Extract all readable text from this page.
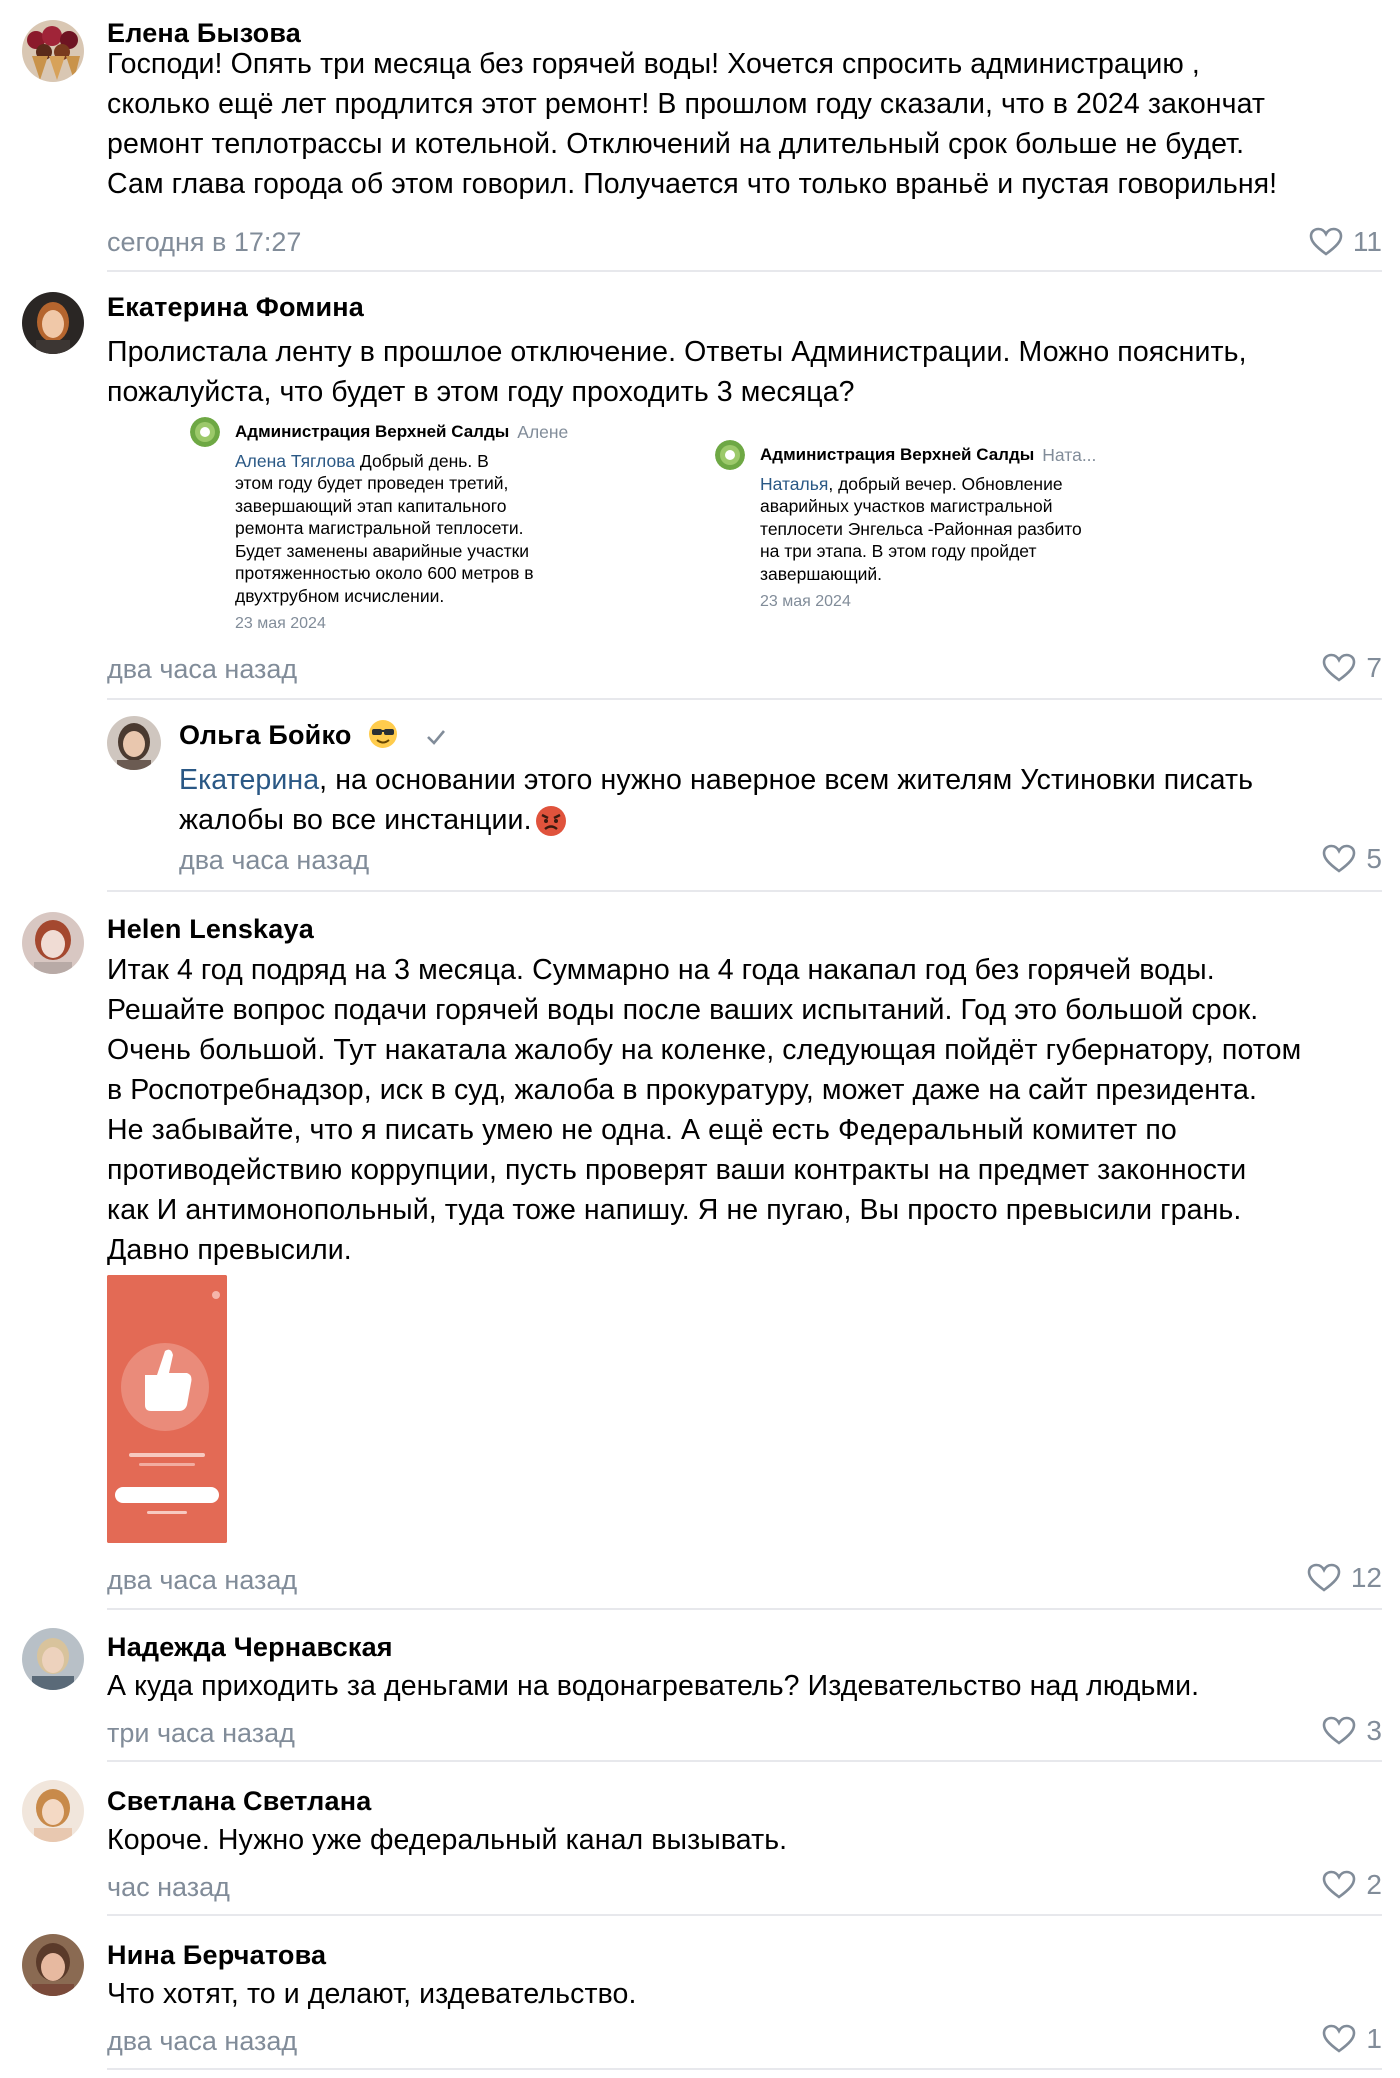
Елена Бызова
Господи! Опять три месяца без горячей воды! Хочется спросить администрацию ,
сколько ещё лет продлится этот ремонт! В прошлом году сказали, что в 2024 закончат
ремонт теплотрассы и котельной. Отключений на длительный срок больше не будет.
Сам глава города об этом говорил. Получается что только враньё и пустая говорильня!
сегодня в 17:27	11
Екатерина Фомина
Пролистала ленту в прошлое отключение. Ответы Администрации. Можно пояснить,
пожалуйста, что будет в этом году проходить 3 месяца?
Администрация Верхней Салды Алене
Алена Тяглова Добрый день. В
этом году будет проведен третий,
завершающий этап капитального
ремонта магистральной теплосети.
Будет заменены аварийные участки
протяженностью около 600 метров в
двухтрубном исчислении.
23 мая 2024
Администрация Верхней Салды Ната...
Наталья, добрый вечер. Обновление
аварийных участков магистральной
теплосети Энгельса -Районная разбито
на три этапа. В этом году пройдет
завершающий.
23 мая 2024
два часа назад	7
Ольга Бойко
Екатерина, на основании этого нужно наверное всем жителям Устиновки писать
жалобы во все инстанции.
два часа назад	5
Helen Lenskaya
Итак 4 год подряд на 3 месяца. Суммарно на 4 года накапал год без горячей воды.
Решайте вопрос подачи горячей воды после ваших испытаний. Год это большой срок.
Очень большой. Тут накатала жалобу на коленке, следующая пойдёт губернатору, потом
в Роспотребнадзор, иск в суд, жалоба в прокуратуру, может даже на сайт президента.
Не забывайте, что я писать умею не одна. А ещё есть Федеральный комитет по
противодействию коррупции, пусть проверят ваши контракты на предмет законности
как И антимонопольный, туда тоже напишу. Я не пугаю, Вы просто превысили грань.
Давно превысили.
два часа назад	12
Надежда Чернавская
А куда приходить за деньгами на водонагреватель? Издевательство над людьми.
три часа назад	3
Светлана Светлана
Короче. Нужно уже федеральный канал вызывать.
час назад	2
Нина Берчатова
Что хотят, то и делают, издевательство.
два часа назад	1
